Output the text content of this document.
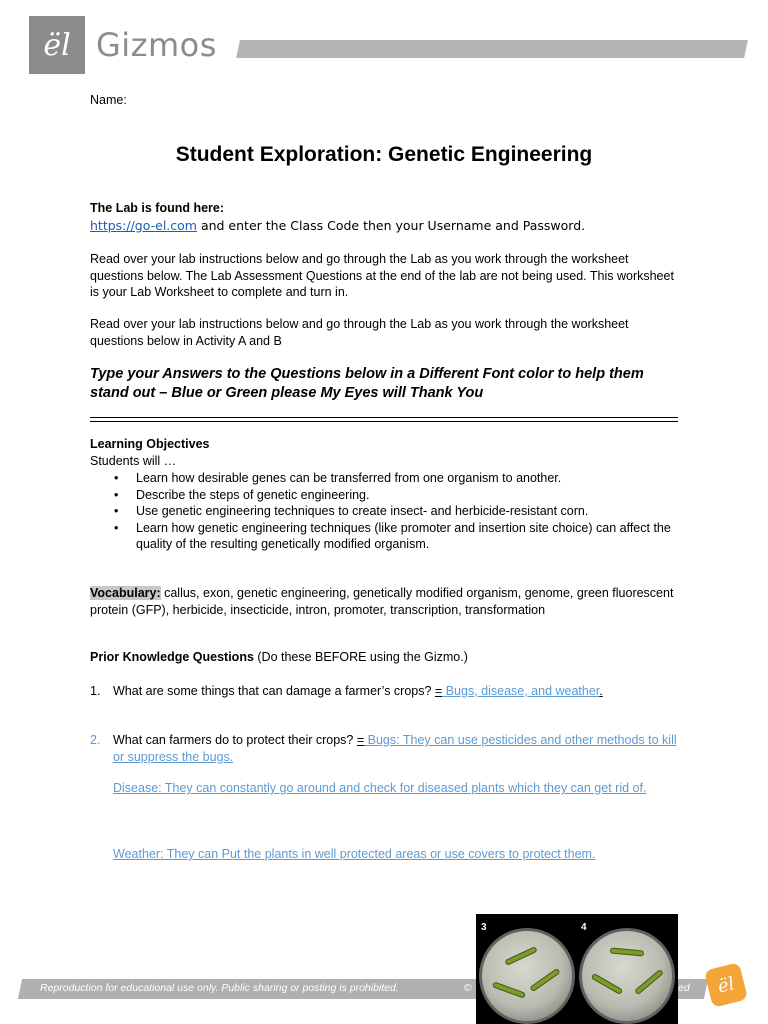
ël Gizmos
Name:
Student Exploration: Genetic Engineering
The Lab is found here:
https://go-el.com and enter the Class Code then your Username and Password.
Read over your lab instructions below and go through the Lab as you work through the worksheet questions below. The Lab Assessment Questions at the end of the lab are not being used. This worksheet is your Lab Worksheet to complete and turn in.
Read over your lab instructions below and go through the Lab as you work through the worksheet questions below in Activity A and B
Type your Answers to the Questions below in a Different Font color to help them stand out – Blue or Green please My Eyes will Thank You
Learning Objectives
Students will …
• Learn how desirable genes can be transferred from one organism to another.
• Describe the steps of genetic engineering.
• Use genetic engineering techniques to create insect- and herbicide-resistant corn.
• Learn how genetic engineering techniques (like promoter and insertion site choice) can affect the quality of the resulting genetically modified organism.
Vocabulary: callus, exon, genetic engineering, genetically modified organism, genome, green fluorescent protein (GFP), herbicide, insecticide, intron, promoter, transcription, transformation
Prior Knowledge Questions (Do these BEFORE using the Gizmo.)
1.	What are some things that can damage a farmer’s crops? = Bugs, disease, and weather.
2.	What can farmers do to protect their crops? = Bugs: They can use pesticides and other methods to kill or suppress the bugs.
Disease: They can constantly go around and check for diseased plants which they can get rid of.
Weather: They can Put the plants in well protected areas or use covers to protect them.
Reproduction for educational use only. Public sharing or posting is prohibited.	©	ed	ël
3	4
